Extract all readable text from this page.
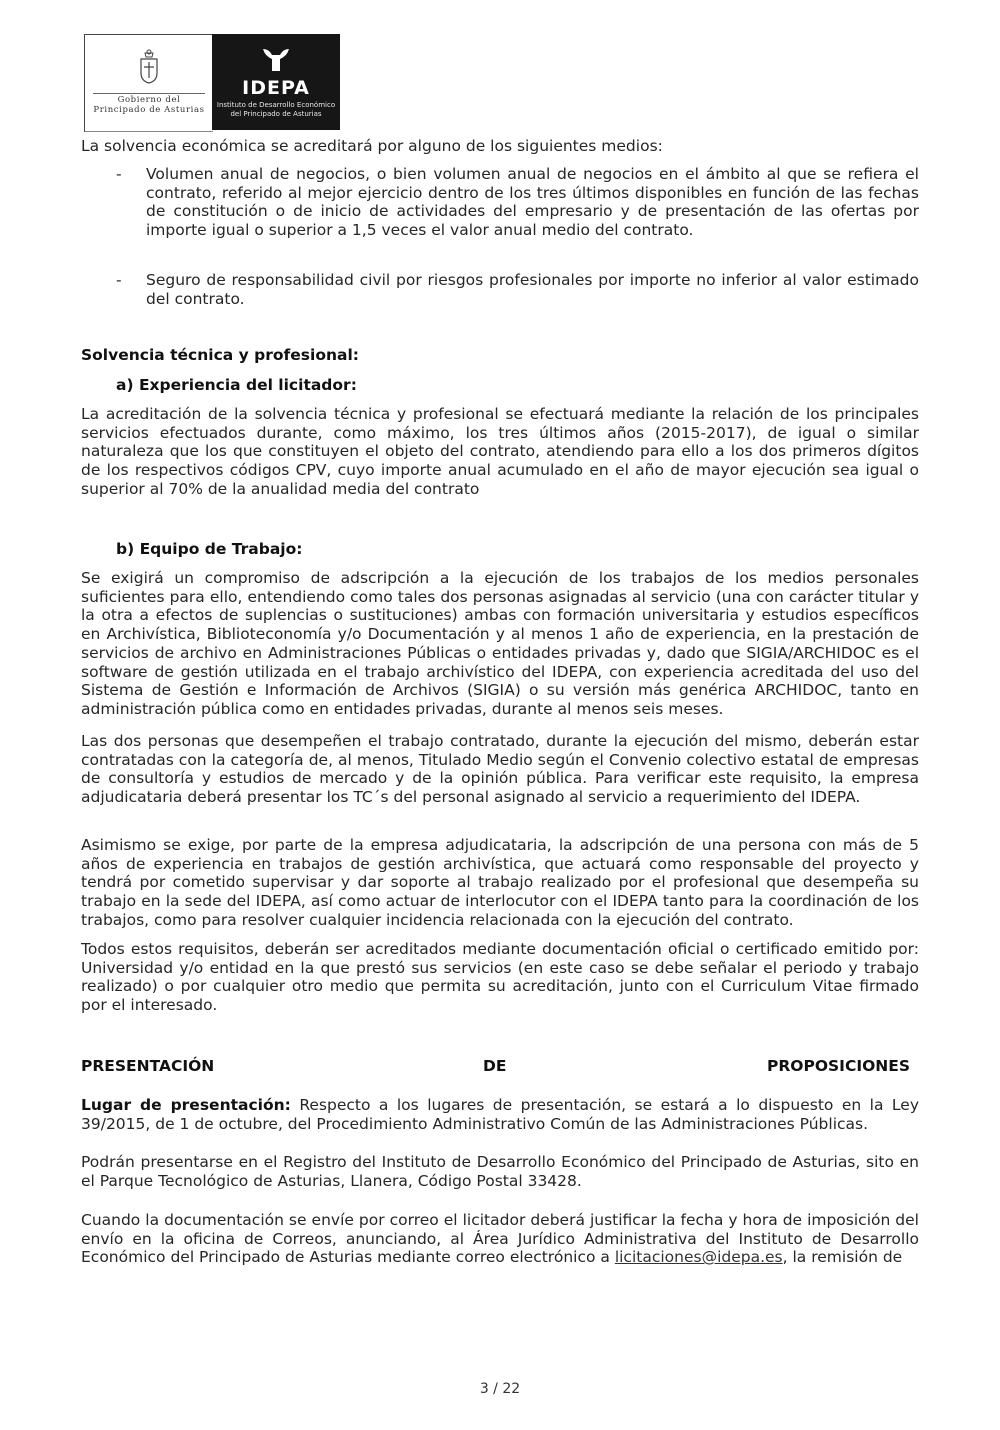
Gobierno del
Principado de Asturias
IDEPA
Instituto de Desarrollo Económico
del Principado de Asturias
La solvencia económica se acreditará por alguno de los siguientes medios:
- Volumen anual de negocios, o bien volumen anual de negocios en el ámbito al que se refiera el contrato, referido al mejor ejercicio dentro de los tres últimos disponibles en función de las fechas de constitución o de inicio de actividades del empresario y de presentación de las ofertas por importe igual o superior a 1,5 veces el valor anual medio del contrato.
- Seguro de responsabilidad civil por riesgos profesionales por importe no inferior al valor estimado del contrato.
Solvencia técnica y profesional:
a) Experiencia del licitador:
La acreditación de la solvencia técnica y profesional se efectuará mediante la relación de los principales servicios efectuados durante, como máximo, los tres últimos años (2015-2017), de igual o similar naturaleza que los que constituyen el objeto del contrato, atendiendo para ello a los dos primeros dígitos de los respectivos códigos CPV, cuyo importe anual acumulado en el año de mayor ejecución sea igual o superior al 70% de la anualidad media del contrato
b) Equipo de Trabajo:
Se exigirá un compromiso de adscripción a la ejecución de los trabajos de los medios personales suficientes para ello, entendiendo como tales dos personas asignadas al servicio (una con carácter titular y la otra a efectos de suplencias o sustituciones) ambas con formación universitaria y estudios específicos en Archivística, Biblioteconomía y/o Documentación y al menos 1 año de experiencia, en la prestación de servicios de archivo en Administraciones Públicas o entidades privadas y, dado que SIGIA/ARCHIDOC es el software de gestión utilizada en el trabajo archivístico del IDEPA, con experiencia acreditada del uso del Sistema de Gestión e Información de Archivos (SIGIA) o su versión más genérica ARCHIDOC, tanto en administración pública como en entidades privadas, durante al menos seis meses.
Las dos personas que desempeñen el trabajo contratado, durante la ejecución del mismo, deberán estar contratadas con la categoría de, al menos, Titulado Medio según el Convenio colectivo estatal de empresas de consultoría y estudios de mercado y de la opinión pública. Para verificar este requisito, la empresa adjudicataria deberá presentar los TC´s del personal asignado al servicio a requerimiento del IDEPA.
Asimismo se exige, por parte de la empresa adjudicataria, la adscripción de una persona con más de 5 años de experiencia en trabajos de gestión archivística, que actuará como responsable del proyecto y tendrá por cometido supervisar y dar soporte al trabajo realizado por el profesional que desempeña su trabajo en la sede del IDEPA, así como actuar de interlocutor con el IDEPA tanto para la coordinación de los trabajos, como para resolver cualquier incidencia relacionada con la ejecución del contrato.
Todos estos requisitos, deberán ser acreditados mediante documentación oficial o certificado emitido por: Universidad y/o entidad en la que prestó sus servicios (en este caso se debe señalar el periodo y trabajo realizado) o por cualquier otro medio que permita su acreditación, junto con el Curriculum Vitae firmado por el interesado.
PRESENTACIÓN	DE	PROPOSICIONES
Lugar de presentación: Respecto a los lugares de presentación, se estará a lo dispuesto en la Ley 39/2015, de 1 de octubre, del Procedimiento Administrativo Común de las Administraciones Públicas.
Podrán presentarse en el Registro del Instituto de Desarrollo Económico del Principado de Asturias, sito en el Parque Tecnológico de Asturias, Llanera, Código Postal 33428.
Cuando la documentación se envíe por correo el licitador deberá justificar la fecha y hora de imposición del envío en la oficina de Correos, anunciando, al Área Jurídico Administrativa del Instituto de Desarrollo Económico del Principado de Asturias mediante correo electrónico a licitaciones@idepa.es, la remisión de
3 / 22
